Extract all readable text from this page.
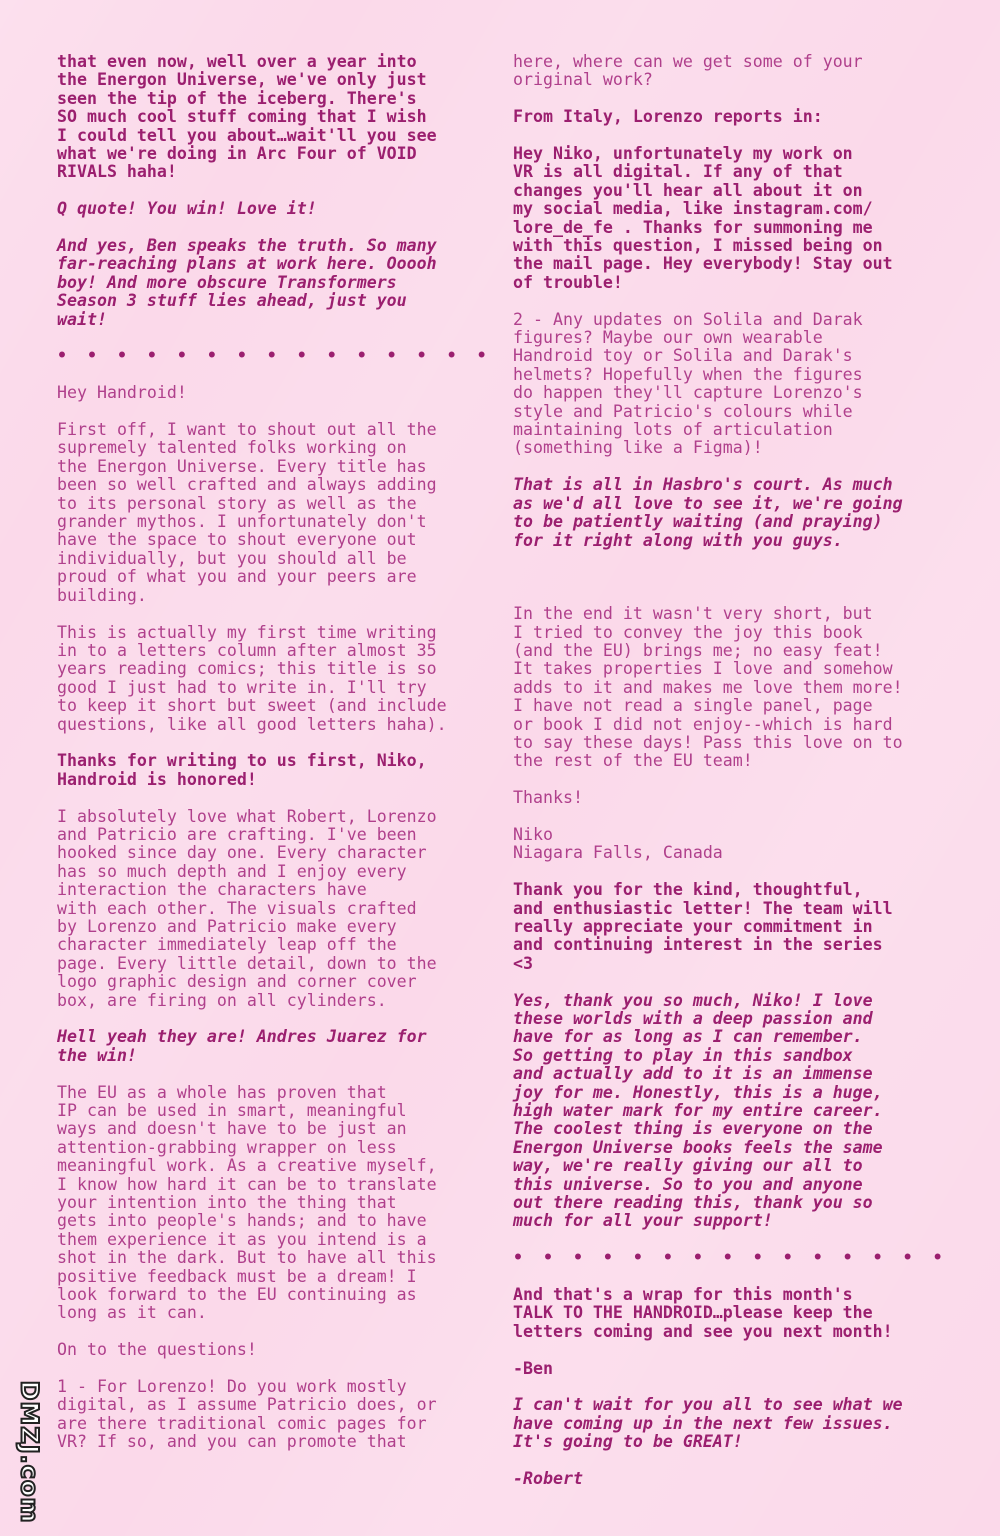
that even now, well over a year into
the Energon Universe, we've only just
seen the tip of the iceberg. There's
SO much cool stuff coming that I wish
I could tell you about…wait'll you see
what we're doing in Arc Four of VOID
RIVALS haha!

Q quote! You win! Love it!

And yes, Ben speaks the truth. So many
far-reaching plans at work here. Ooooh
boy! And more obscure Transformers
Season 3 stuff lies ahead, just you
wait!

•  •  •  •  •  •  •  •  •  •  •  •  •  •  •

Hey Handroid!

First off, I want to shout out all the
supremely talented folks working on
the Energon Universe. Every title has
been so well crafted and always adding
to its personal story as well as the
grander mythos. I unfortunately don't
have the space to shout everyone out
individually, but you should all be
proud of what you and your peers are
building.

This is actually my first time writing
in to a letters column after almost 35
years reading comics; this title is so
good I just had to write in. I'll try
to keep it short but sweet (and include
questions, like all good letters haha).

Thanks for writing to us first, Niko,
Handroid is honored!

I absolutely love what Robert, Lorenzo
and Patricio are crafting. I've been
hooked since day one. Every character
has so much depth and I enjoy every
interaction the characters have
with each other. The visuals crafted
by Lorenzo and Patricio make every
character immediately leap off the
page. Every little detail, down to the
logo graphic design and corner cover
box, are firing on all cylinders.

Hell yeah they are! Andres Juarez for
the win!

The EU as a whole has proven that
IP can be used in smart, meaningful
ways and doesn't have to be just an
attention-grabbing wrapper on less
meaningful work. As a creative myself,
I know how hard it can be to translate
your intention into the thing that
gets into people's hands; and to have
them experience it as you intend is a
shot in the dark. But to have all this
positive feedback must be a dream! I
look forward to the EU continuing as
long as it can.

On to the questions!

1 - For Lorenzo! Do you work mostly
digital, as I assume Patricio does, or
are there traditional comic pages for
VR? If so, and you can promote that

here, where can we get some of your
original work?

From Italy, Lorenzo reports in:

Hey Niko, unfortunately my work on
VR is all digital. If any of that
changes you'll hear all about it on
my social media, like instagram.com/
lore_de_fe . Thanks for summoning me
with this question, I missed being on
the mail page. Hey everybody! Stay out
of trouble!

2 - Any updates on Solila and Darak
figures? Maybe our own wearable
Handroid toy or Solila and Darak's
helmets? Hopefully when the figures
do happen they'll capture Lorenzo's
style and Patricio's colours while
maintaining lots of articulation
(something like a Figma)!

That is all in Hasbro's court. As much
as we'd all love to see it, we're going
to be patiently waiting (and praying)
for it right along with you guys.

In the end it wasn't very short, but
I tried to convey the joy this book
(and the EU) brings me; no easy feat!
It takes properties I love and somehow
adds to it and makes me love them more!
I have not read a single panel, page
or book I did not enjoy--which is hard
to say these days! Pass this love on to
the rest of the EU team!

Thanks!

Niko
Niagara Falls, Canada

Thank you for the kind, thoughtful,
and enthusiastic letter! The team will
really appreciate your commitment in
and continuing interest in the series
<3

Yes, thank you so much, Niko! I love
these worlds with a deep passion and
have for as long as I can remember.
So getting to play in this sandbox
and actually add to it is an immense
joy for me. Honestly, this is a huge,
high water mark for my entire career.
The coolest thing is everyone on the
Energon Universe books feels the same
way, we're really giving our all to
this universe. So to you and anyone
out there reading this, thank you so
much for all your support!

•  •  •  •  •  •  •  •  •  •  •  •  •  •  •

And that's a wrap for this month's
TALK TO THE HANDROID…please keep the
letters coming and see you next month!

-Ben

I can't wait for you all to see what we
have coming up in the next few issues.
It's going to be GREAT!

-Robert

DMZJ.com
